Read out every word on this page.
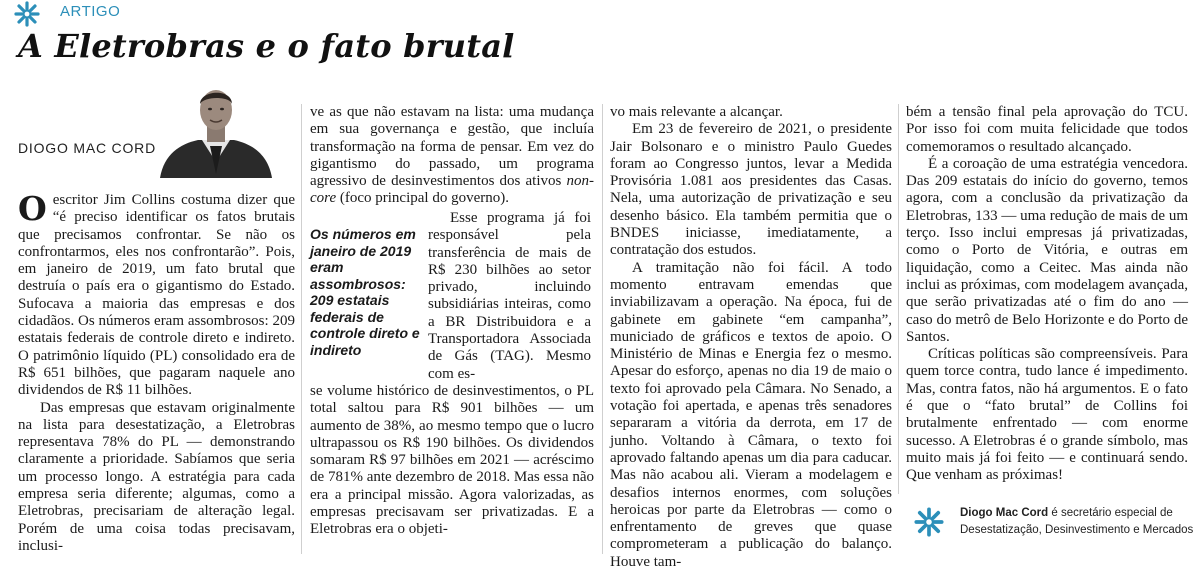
ARTIGO
A Eletrobras e o fato brutal
DIOGO MAC CORD

Oescritor Jim Collins costuma dizer que “é preciso identificar os fatos brutais que precisamos confrontar. Se não os confrontarmos, eles nos confrontarão”. Pois, em janeiro de 2019, um fato brutal que destruía o país era o gigantismo do Estado. Sufocava a maioria das empresas e dos cidadãos. Os números eram assombrosos: 209 estatais federais de controle direto e indireto. O patrimônio líquido (PL) consolidado era de R$ 651 bilhões, que pagaram naquele ano dividendos de R$ 11 bilhões.

Das empresas que estavam originalmente na lista para desestatização, a Eletrobras representava 78% do PL — demonstrando claramente a prioridade. Sabíamos que seria um processo longo. A estratégia para cada empresa seria diferente; algumas, como a Eletrobras, precisariam de alteração legal. Porém de uma coisa todas precisavam, inclusi-

ve as que não estavam na lista: uma mudança em sua governança e gestão, que incluía transformação na forma de pensar. Em vez do gigantismo do passado, um programa agressivo de desinvestimentos dos ativos non-core (foco principal do governo).

Os números em janeiro de 2019 eram assombrosos: 209 estatais federais de controle direto e indireto

Esse programa já foi responsável pela transferência de mais de R$ 230 bilhões ao setor privado, incluindo subsidiárias inteiras, como a BR Distribuidora e a Transportadora Associada de Gás (TAG). Mesmo com es-

se volume histórico de desinvestimentos, o PL total saltou para R$ 901 bilhões — um aumento de 38%, ao mesmo tempo que o lucro ultrapassou os R$ 190 bilhões. Os dividendos somaram R$ 97 bilhões em 2021 — acréscimo de 781% ante dezembro de 2018. Mas essa não era a principal missão. Agora valorizadas, as empresas precisavam ser privatizadas. E a Eletrobras era o objeti-

vo mais relevante a alcançar.

Em 23 de fevereiro de 2021, o presidente Jair Bolsonaro e o ministro Paulo Guedes foram ao Congresso juntos, levar a Medida Provisória 1.081 aos presidentes das Casas. Nela, uma autorização de privatização e seu desenho básico. Ela também permitia que o BNDES iniciasse, imediatamente, a contratação dos estudos.

A tramitação não foi fácil. A todo momento entravam emendas que inviabilizavam a operação. Na época, fui de gabinete em gabinete “em campanha”, municiado de gráficos e textos de apoio. O Ministério de Minas e Energia fez o mesmo. Apesar do esforço, apenas no dia 19 de maio o texto foi aprovado pela Câmara. No Senado, a votação foi apertada, e apenas três senadores separaram a vitória da derrota, em 17 de junho. Voltando à Câmara, o texto foi aprovado faltando apenas um dia para caducar. Mas não acabou ali. Vieram a modelagem e desafios internos enormes, com soluções heroicas por parte da Eletrobras — como o enfrentamento de greves que quase comprometeram a publicação do balanço. Houve tam-

bém a tensão final pela aprovação do TCU. Por isso foi com muita felicidade que todos comemoramos o resultado alcançado.

É a coroação de uma estratégia vencedora. Das 209 estatais do início do governo, temos agora, com a conclusão da privatização da Eletrobras, 133 — uma redução de mais de um terço. Isso inclui empresas já privatizadas, como o Porto de Vitória, e outras em liquidação, como a Ceitec. Mas ainda não inclui as próximas, com modelagem avançada, que serão privatizadas até o fim do ano — caso do metrô de Belo Horizonte e do Porto de Santos.

Críticas políticas são compreensíveis. Para quem torce contra, tudo lance é impedimento. Mas, contra fatos, não há argumentos. E o fato é que o “fato brutal” de Collins foi brutalmente enfrentado — com enorme sucesso. A Eletrobras é o grande símbolo, mas muito mais já foi feito — e continuará sendo. Que venham as próximas!

Diogo Mac Cord é secretário especial de Desestatização, Desinvestimento e Mercados
